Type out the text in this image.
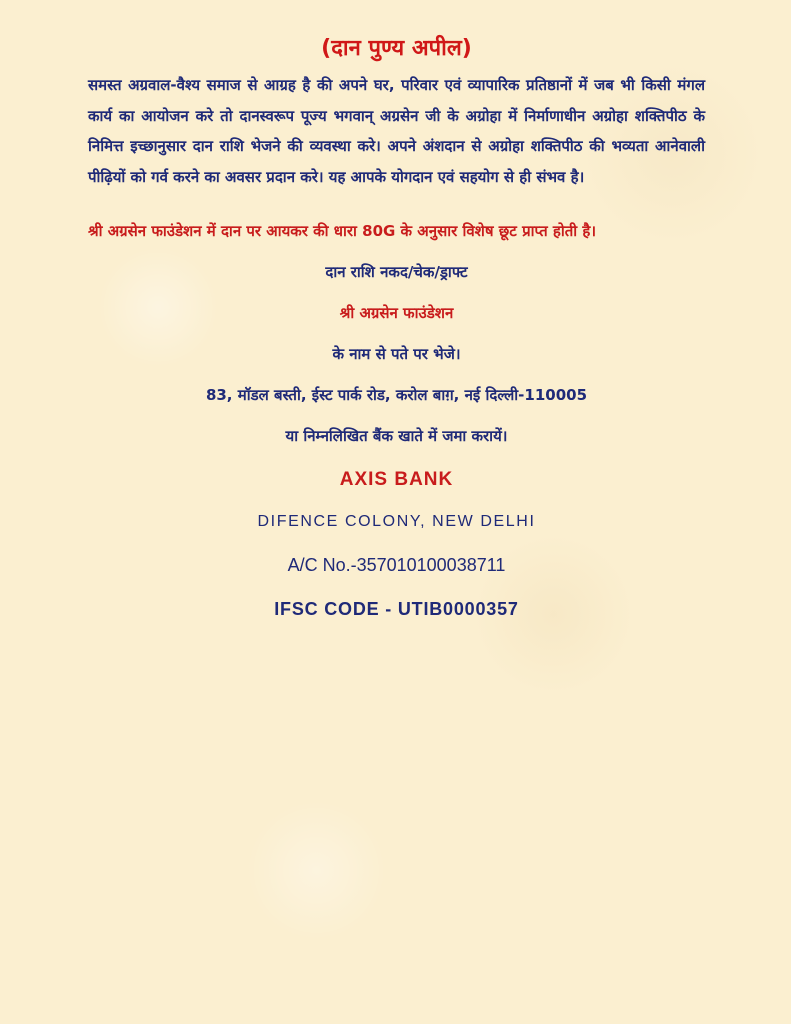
(दान पुण्य अपील)

समस्त अग्रवाल-वैश्य समाज से आग्रह है की अपने घर, परिवार एवं व्यापारिक प्रतिष्ठानों में जब भी किसी मंगल कार्य का आयोजन करे तो दानस्वरूप पूज्य भगवान् अग्रसेन जी के अग्रोहा में निर्माणाधीन अग्रोहा शक्तिपीठ के निमित्त इच्छानुसार दान राशि भेजने की व्यवस्था करे। अपने अंशदान से अग्रोहा शक्तिपीठ की भव्यता आनेवाली पीढ़ियों को गर्व करने का अवसर प्रदान करे। यह आपके योगदान एवं सहयोग से ही संभव है।

श्री अग्रसेन फाउंडेशन में दान पर आयकर की धारा 80G के अनुसार विशेष छूट प्राप्त होती है।

दान राशि नकद/चेक/ड्राफ्ट

श्री अग्रसेन फाउंडेशन

के नाम से पते पर भेजे।

83, मॉडल बस्ती, ईस्ट पार्क रोड, करोल बाग़, नई दिल्ली-110005

या निम्नलिखित बैंक खाते में जमा करायें।

AXIS BANK

DIFENCE COLONY, NEW DELHI

A/C No.-357010100038711

IFSC CODE - UTIB0000357
